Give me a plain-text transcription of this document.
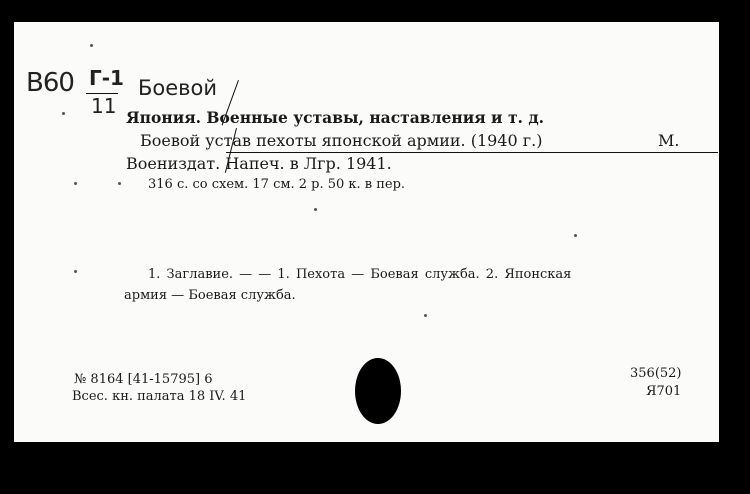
В60 Г-1
11
Боевой
Япония. Военные уставы, наставления и т. д.
Боевой устав пехоты японской армии. (1940 г.)	М.
Воениздат. Напеч. в Лгр. 1941.
316 с. со схем. 17 см. 2 р. 50 к. в пер.
1. Заглавие. — — 1. Пехота — Боевая служба. 2. Японская
армия — Боевая служба.
№ 8164 [41-15795] 6
Всес. кн. палата 18 IV. 41
356(52)
Я701
